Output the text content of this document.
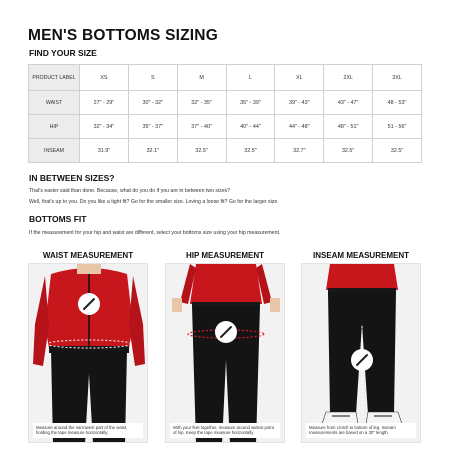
MEN'S BOTTOMS SIZING
FIND YOUR SIZE
PRODUCT LABEL	XS	S	M	L	XL	2XL	3XL
WAIST	27" - 29"	30" - 32"	32" - 35"	35" - 39"	39" - 43"	43" - 47"	48 - 53"
HIP	32" - 34"	35" - 37"	37" - 40"	40" - 44"	44" - 48"	48" - 51"	51 - 56"
INSEAM	31.9"	32.1"	32.5"	32.5"	32.7"	32.5"	32.5"
IN BETWEEN SIZES?
That's easier said than done. Because, what do you do if you are in between two sizes?
Well, that's up to you. Do you like a tight fit? Go for the smaller size. Loving a loose fit? Go for the larger size.
BOTTOMS FIT
If the measurement for your hip and waist are different, select your bottoms size using your hip measurement.
WAIST MEASUREMENT
Measure around the narrowest part of the waist, holding the tape measure horizontally.
HIP MEASUREMENT
With your feet together, measure around widest point of hip. Keep the tape measure horizontally
INSEAM MEASUREMENT
Measure from crotch to bottom of leg. Inseam measurements are based on a 30" length.
